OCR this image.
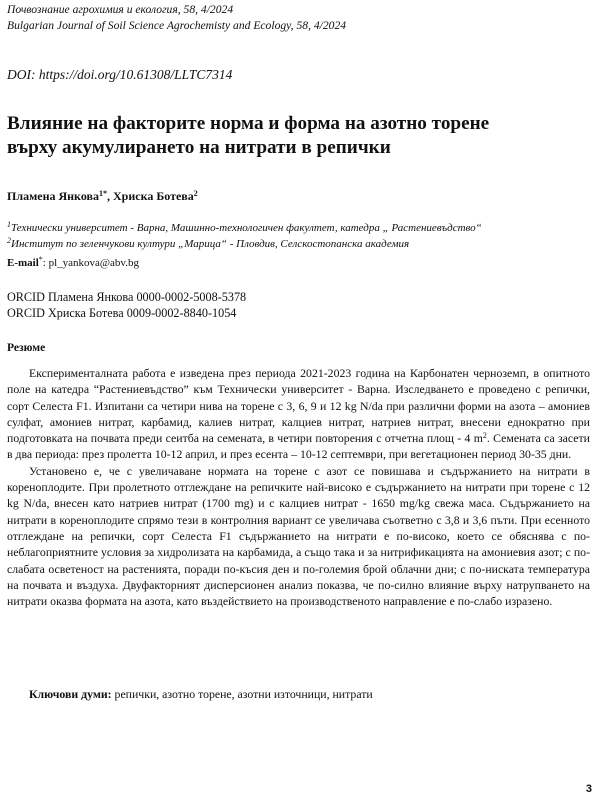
Почвознание агрохимия и екология, 58, 4/2024
Bulgarian Journal of Soil Science Agrochemisty and Ecology, 58, 4/2024
DOI: https://doi.org/10.61308/LLTC7314
Влияние на факторите норма и форма на азотно торене
върху акумулирането на нитрати в репички
Пламена Янкова$^{1*}$, Хриска Ботева$^2$
$^1$Технически университет - Варна, Машинно-технологичен факултет, катедра „ Растениевъдство“
$^2$Институт по зеленчукови култури „Марица“ - Пловдив, Селскостопанска академия
E-mail*: pl_yankova@abv.bg
ORCID Пламена Янкова 0000-0002-5008-5378
ORCID Хриска Ботева 0009-0002-8840-1054
Резюме

Експерименталната работа е изведена през периода 2021-2023 година на Карбонатен черноземп, в опитното поле на катедра “Растениевъдство” към Технически университет - Варна. Изследването е проведено с репички, сорт Селеста F1. Изпитани са четири нива на торене с 3, 6, 9 и 12 kg N/da при различни форми на азота – амониев сулфат, амониев нитрат, карбамид, калиев нитрат, калциев нитрат, натриев нитрат, внесени еднократно при подготовката на почвата преди сеитба на семената, в четири повторения с отчетна площ - 4 $m^2$. Семената са засети в два периода: през пролетта 10-12 април, и през есента – 10-12 септември, при вегетационен период 30-35 дни.

Установено е, че с увеличаване нормата на торене с азот се повишава и съдържанието на нитрати в кореноплодите. При пролетното отглеждане на репичките най-високо е съдържанието на нитрати при торене с 12 kg N/da, внесен като натриев нитрат (1700 mg) и с калциев нитрат - 1650 mg/kg свежа маса. Съдържанието на нитрати в кореноплодите спрямо тези в контролния вариант се увеличава съответно с 3,8 и 3,6 пъти. При есенното отглеждане на репички, сорт Селеста F1 съдържанието на нитрати е по-високо, което се обяснява с по-неблагоприятните условия за хидролизата на карбамида, а също така и за нитрификацията на амониевия азот; с по-слабата осветеност на растенията, поради по-късия ден и по-големия брой облачни дни; с по-ниската температура на почвата и въздуха. Двуфакторният дисперсионен анализ показва, че по-силно влияние върху натрупването на нитрати оказва формата на азота, като въздействието на производственото направление е по-слабо изразено.

Ключови думи: репички, азотно торене, азотни източници, нитрати
3
